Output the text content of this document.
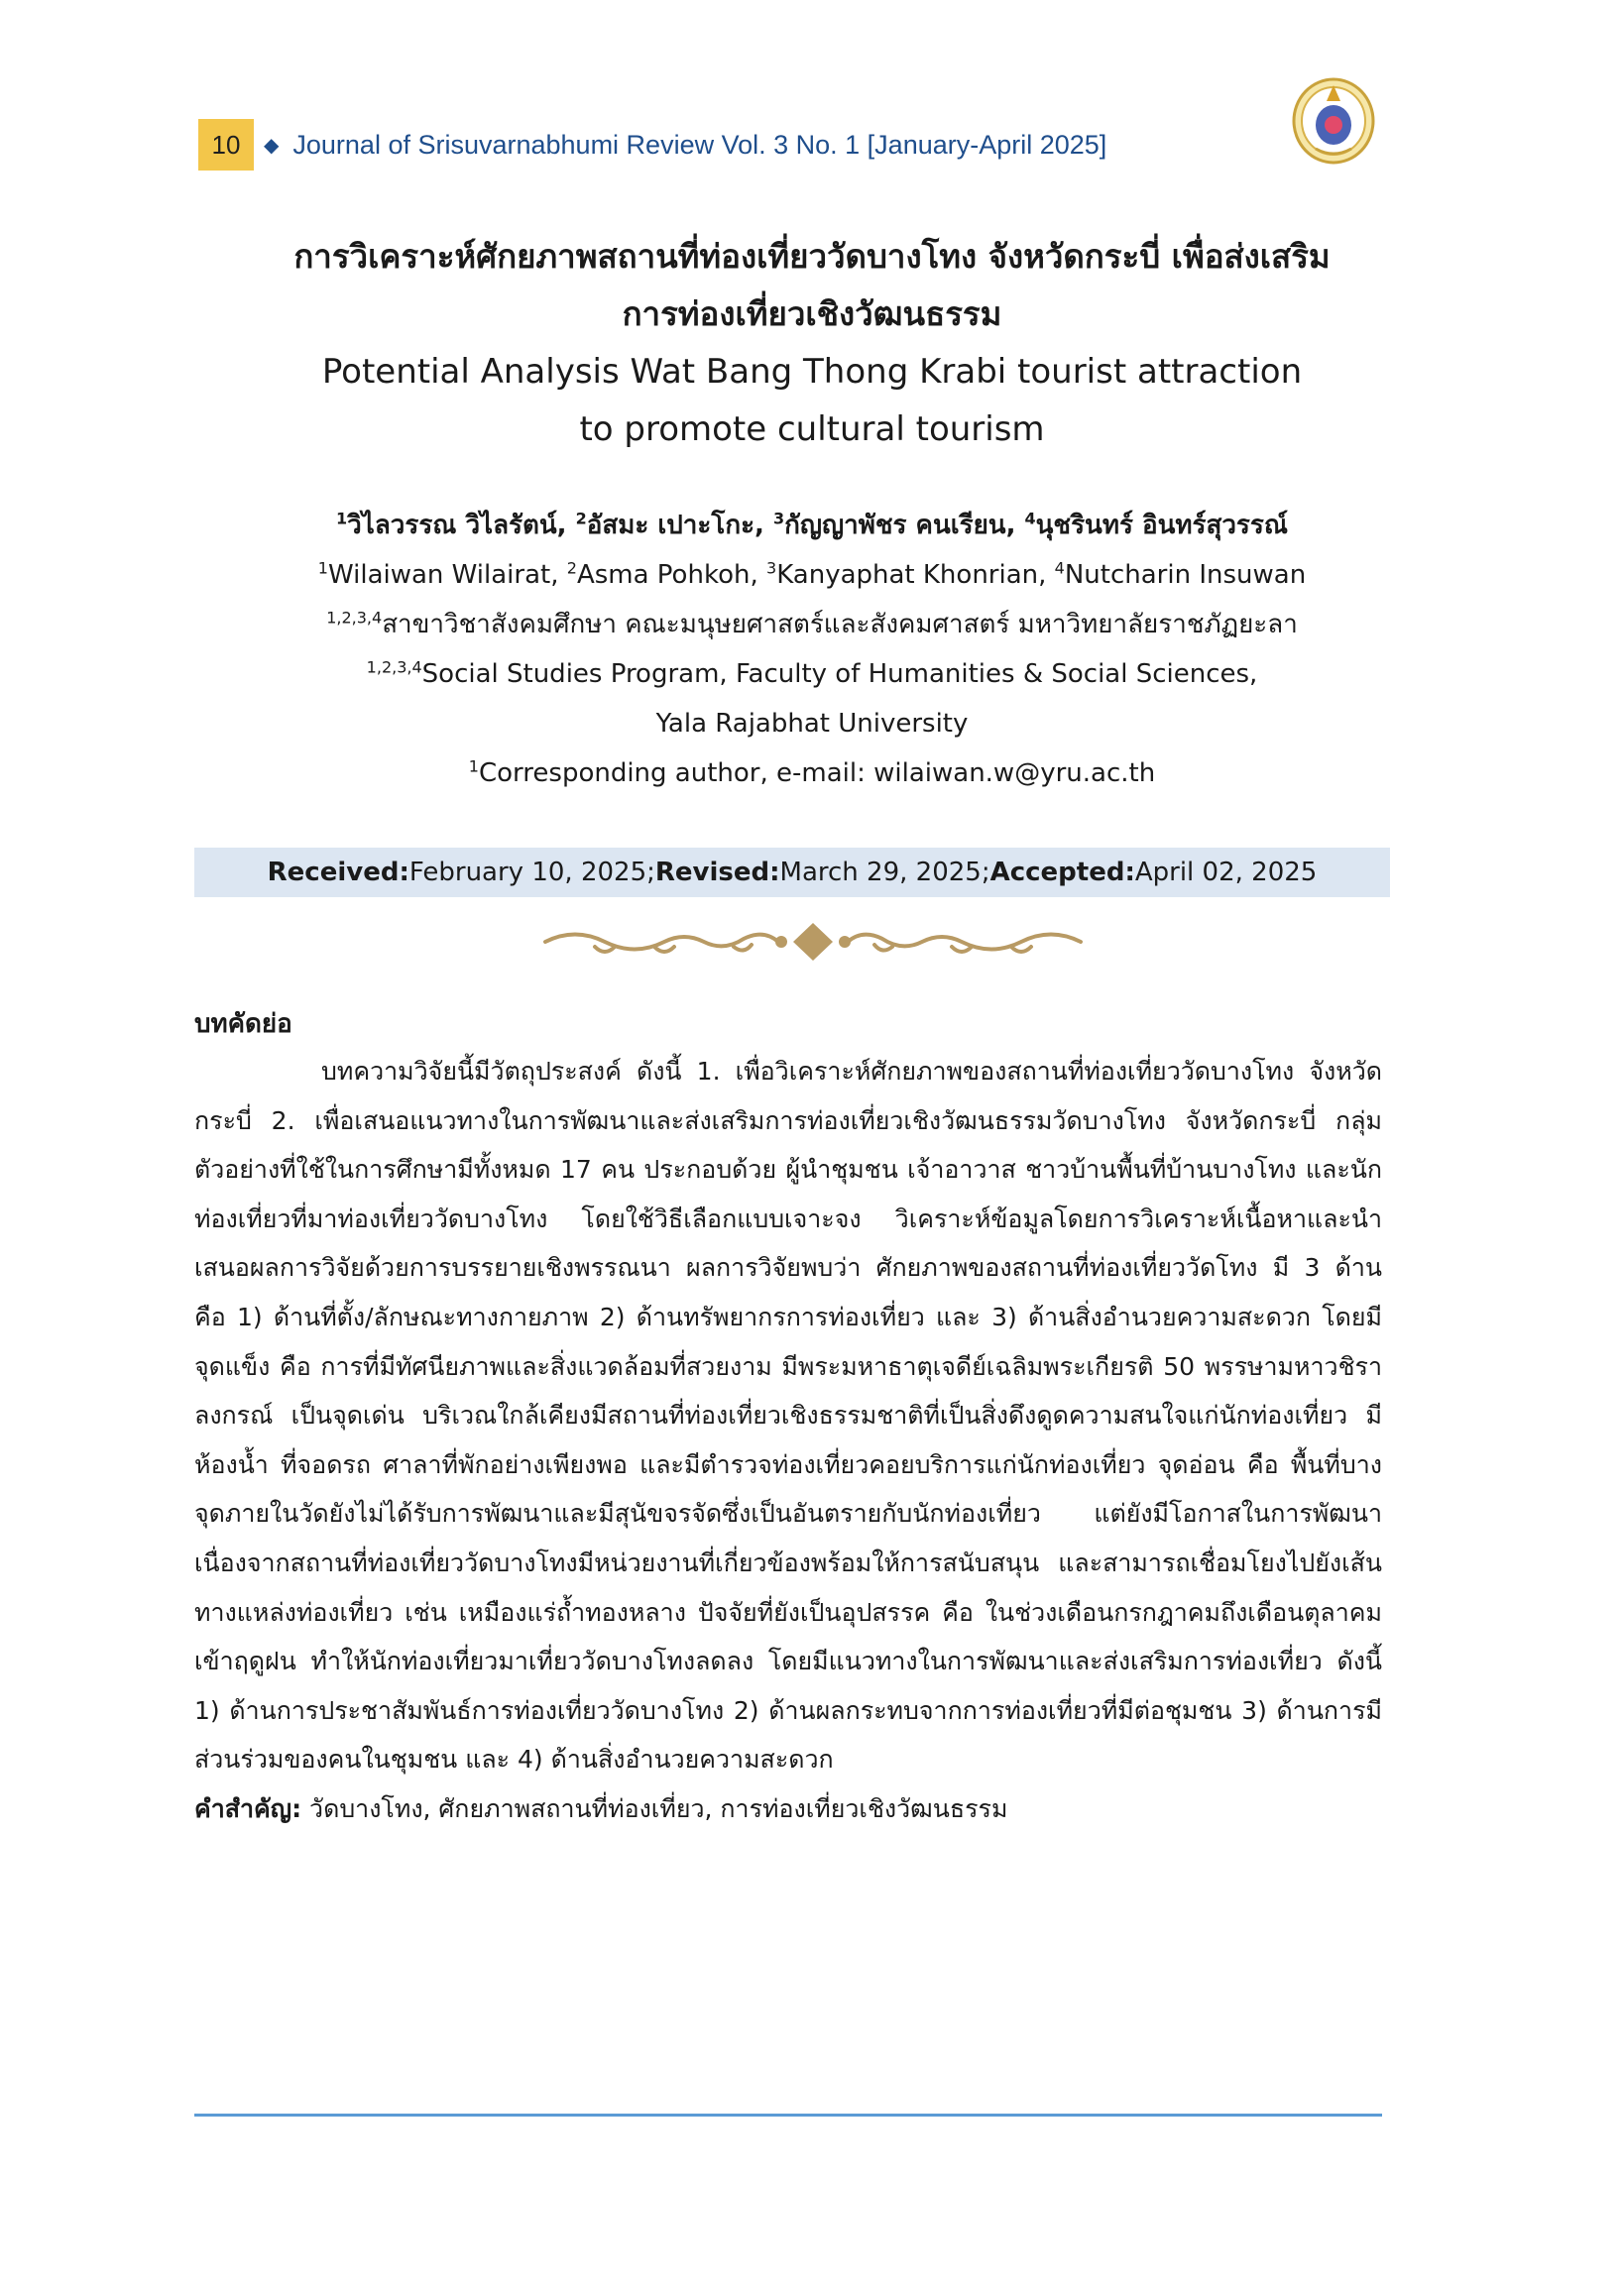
10	◆ Journal of Srisuvarnabhumi Review Vol. 3 No. 1 [January-April 2025]

การวิเคราะห์ศักยภาพสถานที่ท่องเที่ยววัดบางโทง จังหวัดกระบี่ เพื่อส่งเสริม

การท่องเที่ยวเชิงวัฒนธรรม

Potential Analysis Wat Bang Thong Krabi tourist attraction

to promote cultural tourism

$^1$วิไลวรรณ วิไลรัตน์, $^2$อัสมะ เปาะโกะ, $^3$กัญญาพัชร คนเรียน, $^4$นุชรินทร์ อินทร์สุวรรณ์
$^1$Wilaiwan Wilairat, $^2$Asma Pohkoh, $^3$Kanyaphat Khonrian, $^4$Nutcharin Insuwan
$^{1,2,3,4}$สาขาวิชาสังคมศึกษา คณะมนุษยศาสตร์และสังคมศาสตร์ มหาวิทยาลัยราชภัฏยะลา
$^{1,2,3,4}$Social Studies Program, Faculty of Humanities & Social Sciences,
Yala Rajabhat University
$^1$Corresponding author, e-mail: wilaiwan.w@yru.ac.th
Received: February 10, 2025; Revised: March 29, 2025; Accepted: April 02, 2025

บทคัดย่อ

บทความวิจัยนี้มีวัตถุประสงค์ ดังนี้ 1. เพื่อวิเคราะห์ศักยภาพของสถานที่ท่องเที่ยววัดบางโทง จังหวัดกระบี่ 2. เพื่อเสนอแนวทางในการพัฒนาและส่งเสริมการท่องเที่ยวเชิงวัฒนธรรมวัดบางโทง จังหวัดกระบี่ กลุ่มตัวอย่างที่ใช้ในการศึกษามีทั้งหมด 17 คน ประกอบด้วย ผู้นำชุมชน เจ้าอาวาส ชาวบ้านพื้นที่บ้านบางโทง และนักท่องเที่ยวที่มาท่องเที่ยววัดบางโทง โดยใช้วิธีเลือกแบบเจาะจง วิเคราะห์ข้อมูลโดยการวิเคราะห์เนื้อหาและนำเสนอผลการวิจัยด้วยการบรรยายเชิงพรรณนา ผลการวิจัยพบว่า ศักยภาพของสถานที่ท่องเที่ยววัดโทง มี 3 ด้าน คือ 1) ด้านที่ตั้ง/ลักษณะทางกายภาพ 2) ด้านทรัพยากรการท่องเที่ยว และ 3) ด้านสิ่งอำนวยความสะดวก โดยมีจุดแข็ง คือ การที่มีทัศนียภาพและสิ่งแวดล้อมที่สวยงาม มีพระมหาธาตุเจดีย์เฉลิมพระเกียรติ 50 พรรษามหาวชิราลงกรณ์ เป็นจุดเด่น บริเวณใกล้เคียงมีสถานที่ท่องเที่ยวเชิงธรรมชาติที่เป็นสิ่งดึงดูดความสนใจแก่นักท่องเที่ยว มีห้องน้ำ ที่จอดรถ ศาลาที่พักอย่างเพียงพอ และมีตำรวจท่องเที่ยวคอยบริการแก่นักท่องเที่ยว จุดอ่อน คือ พื้นที่บางจุดภายในวัดยังไม่ได้รับการพัฒนาและมีสุนัขจรจัดซึ่งเป็นอันตรายกับนักท่องเที่ยว แต่ยังมีโอกาสในการพัฒนาเนื่องจากสถานที่ท่องเที่ยววัดบางโทงมีหน่วยงานที่เกี่ยวข้องพร้อมให้การสนับสนุน และสามารถเชื่อมโยงไปยังเส้นทางแหล่งท่องเที่ยว เช่น เหมืองแร่ถ้ำทองหลาง ปัจจัยที่ยังเป็นอุปสรรค คือ ในช่วงเดือนกรกฎาคมถึงเดือนตุลาคมเข้าฤดูฝน ทำให้นักท่องเที่ยวมาเที่ยววัดบางโทงลดลง โดยมีแนวทางในการพัฒนาและส่งเสริมการท่องเที่ยว ดังนี้ 1) ด้านการประชาสัมพันธ์การท่องเที่ยววัดบางโทง 2) ด้านผลกระทบจากการท่องเที่ยวที่มีต่อชุมชน 3) ด้านการมีส่วนร่วมของคนในชุมชน และ 4) ด้านสิ่งอำนวยความสะดวก

คำสำคัญ: วัดบางโทง, ศักยภาพสถานที่ท่องเที่ยว, การท่องเที่ยวเชิงวัฒนธรรม
